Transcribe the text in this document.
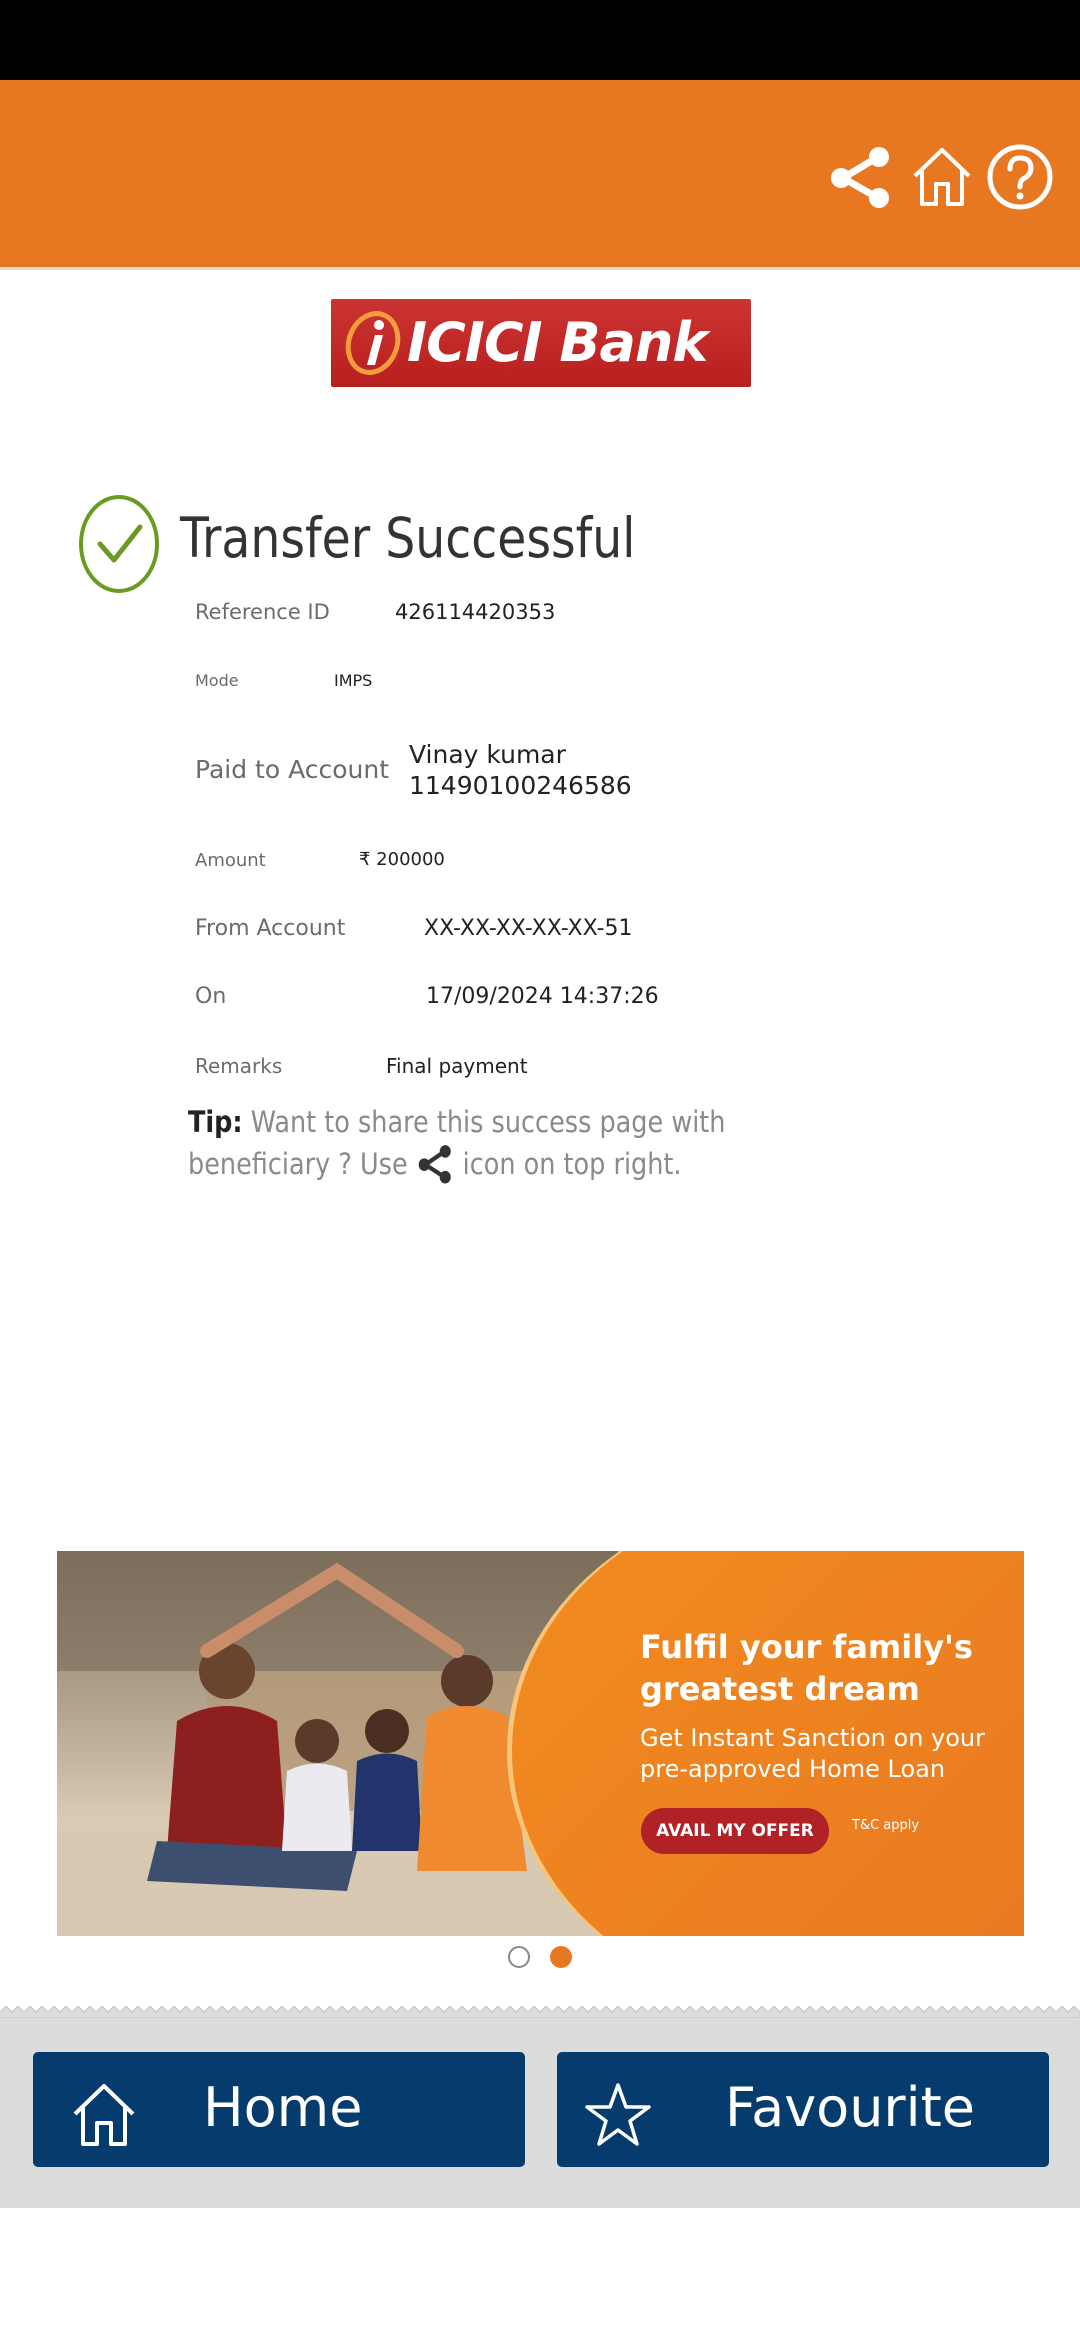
ICICI Bank
Transfer Successful
Reference ID	426114420353
Mode	IMPS
Paid to Account
Vinay kumar
11490100246586
Amount	₹ 200000
From Account	XX-XX-XX-XX-XX-51
On	17/09/2024 14:37:26
Remarks	Final payment
Tip: Want to share this success page with
beneficiary ? Use  icon on top right.
Fulfil your family's
greatest dream
Get Instant Sanction on your
pre-approved Home Loan
AVAIL MY OFFER	T&C apply
Home	Favourite
